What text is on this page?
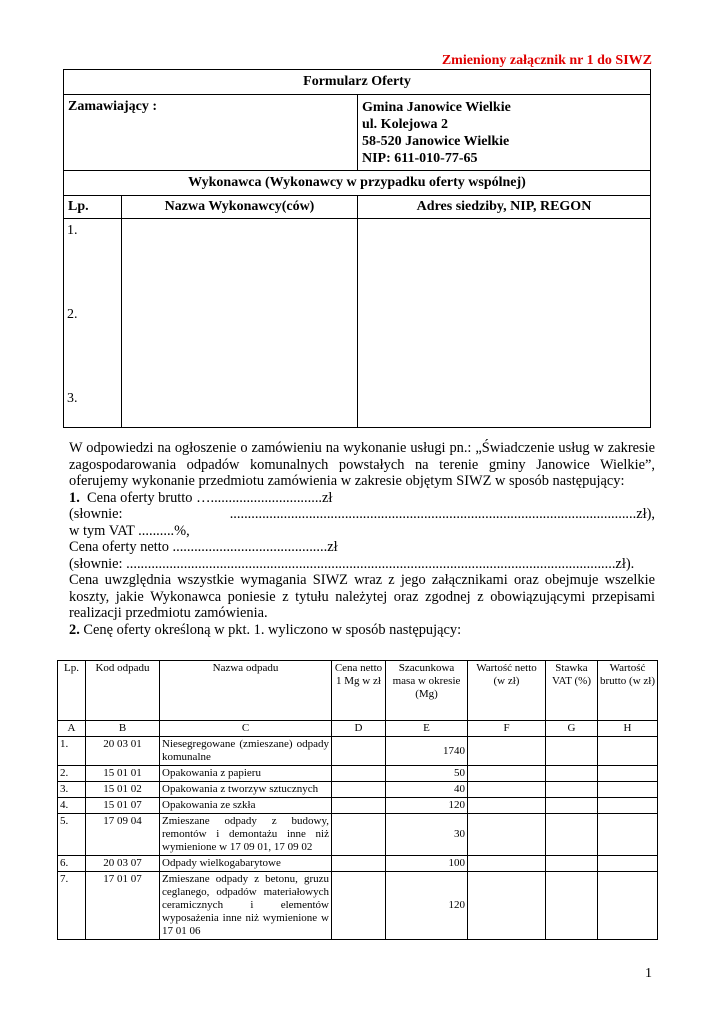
Zmieniony załącznik nr 1 do SIWZ
Formularz Oferty		
Zamawiający :		Gmina Janowice Wielkie
ul. Kolejowa 2
58-520 Janowice Wielkie
NIP: 611-010-77-65

Wykonawca (Wykonawcy w przypadku oferty wspólnej)		
Lp.	Nazwa Wykonawcy(ców)	Adres siedziby, NIP, REGON

1.
2.
3.		

W odpowiedzi na ogłoszenie o zamówieniu na wykonanie usługi pn.: „Świadczenie usług w zakresie zagospodarowania odpadów komunalnych powstałych na terenie gminy Janowice Wielkie”, oferujemy wykonanie przedmiotu zamówienia w zakresie objętym SIWZ w sposób następujący:

1. Cena oferty brutto …...............................zł

(słownie:	.................................................................................................................zł),

w tym VAT ..........%,

Cena oferty netto ...........................................zł

(słownie: ........................................................................................................................................zł).

Cena uwzględnia wszystkie wymagania SIWZ wraz z jego załącznikami oraz obejmuje wszelkie koszty, jakie Wykonawca poniesie z tytułu należytej oraz zgodnej z obowiązującymi przepisami realizacji przedmiotu zamówienia.

2. Cenę oferty określoną w pkt. 1. wyliczono w sposób następujący:

Lp.	Kod odpadu	Nazwa odpadu	Cena netto 1 Mg w zł	Szacunkowa masa w okresie (Mg)	Wartość netto (w zł)	Stawka VAT (%)	Wartość brutto (w zł)
A	B	C	D	E	F	G	H
1.	20 03 01	Niesegregowane (zmieszane) odpady komunalne		1740			
2.	15 01 01	Opakowania z papieru		50			
3.	15 01 02	Opakowania z tworzyw sztucznych		40			
4.	15 01 07	Opakowania ze szkła		120			
5.	17 09 04	Zmieszane odpady z budowy, remontów i demontażu inne niż wymienione w 17 09 01, 17 09 02		30			
6.	20 03 07	Odpady wielkogabarytowe		100			
7.	17 01 07	Zmieszane odpady z betonu, gruzu ceglanego, odpadów materiałowych ceramicznych i elementów wyposażenia inne niż wymienione w 17 01 06		120			
1
